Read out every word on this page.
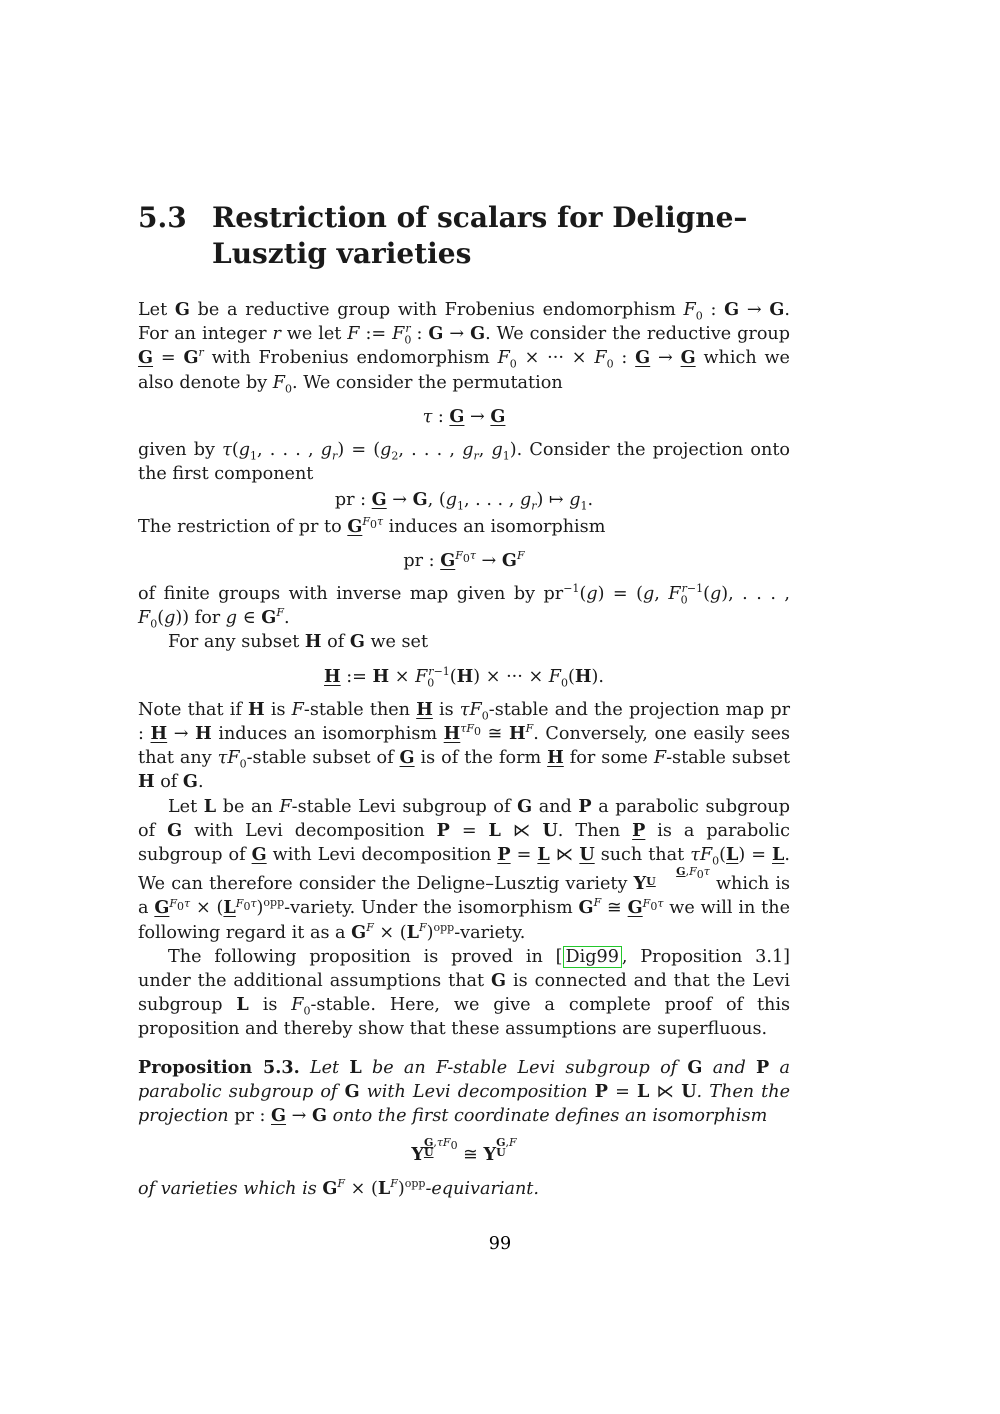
5.3 Restriction of scalars for Deligne–Lusztig varieties

Let G be a reductive group with Frobenius endomorphism $F_0$ : G → G. For an integer r we let F := $F_0^r$ : G → G. We consider the reductive group $G = G^r$ with Frobenius endomorphism $F_0$ × ··· × $F_0$ : G → G which we also denote by $F_0$. We consider the permutation

τ : G → G

given by $\tau(g_1$, . . . , $g_r) = (g_2$, . . . , $g_r$, $g_1$). Consider the projection onto the first component

pr : G → G, ($g_1$, . . . , $g_r$) ↦ $g_1$.

The restriction of pr to $G^{F_0\tau}$ induces an isomorphism

pr : $G^{F_0\tau} \to G^F$

of finite groups with inverse map given by $pr^{-1}(g) = (g$, $F_0^{r-1}(g)$, . . . , $F_0(g)$) for g ∈ $G^F$.

For any subset H of G we set

H := $H \times F_0^{r-1}(H)$ × ··· × $F_0(H)$.

Note that if H is F-stable then H is $\tau F_0$-stable and the projection map pr : H → H induces an isomorphism $H^{\tau F_0}$ ≅ $H^F$. Conversely, one easily sees that any $\tau F_0$-stable subset of G is of the form H for some F-stable subset H of G.

Let L be an F-stable Levi subgroup of G and P a parabolic subgroup of G with Levi decomposition P = L ⋉ U. Then P is a parabolic subgroup of G with Levi decomposition P = L ⋉ U such that $\tau F_0(L) = L$. We can therefore consider the Deligne–Lusztig variety $YG,F_0\tau$
U	which is a $G^{F_0\tau}$ × $(L^{F_0\tau})^{opp}$-variety. Under the isomorphism $G^F$ ≅ $G^{F_0\tau}$ we will in the following regard it as a $G^F$ × $(L^F)^{opp}$-variety.

The following proposition is proved in [ Dig99 , Proposition 3.1] under the additional assumptions that G is connected and that the Levi subgroup L is $F_0$-stable. Here, we give a complete proof of this proposition and thereby show that these assumptions are superfluous.

Proposition 5.3. Let L be an F-stable Levi subgroup of G and P a parabolic subgroup of G with Levi decomposition P = L ⋉ U. Then the projection pr : G → G onto the first coordinate defines an isomorphism

$YG,\tau F_0$
U ≅ YG,F
U

of varieties which is $G^F$ × $(L^F)^{opp}$-equivariant.

99
